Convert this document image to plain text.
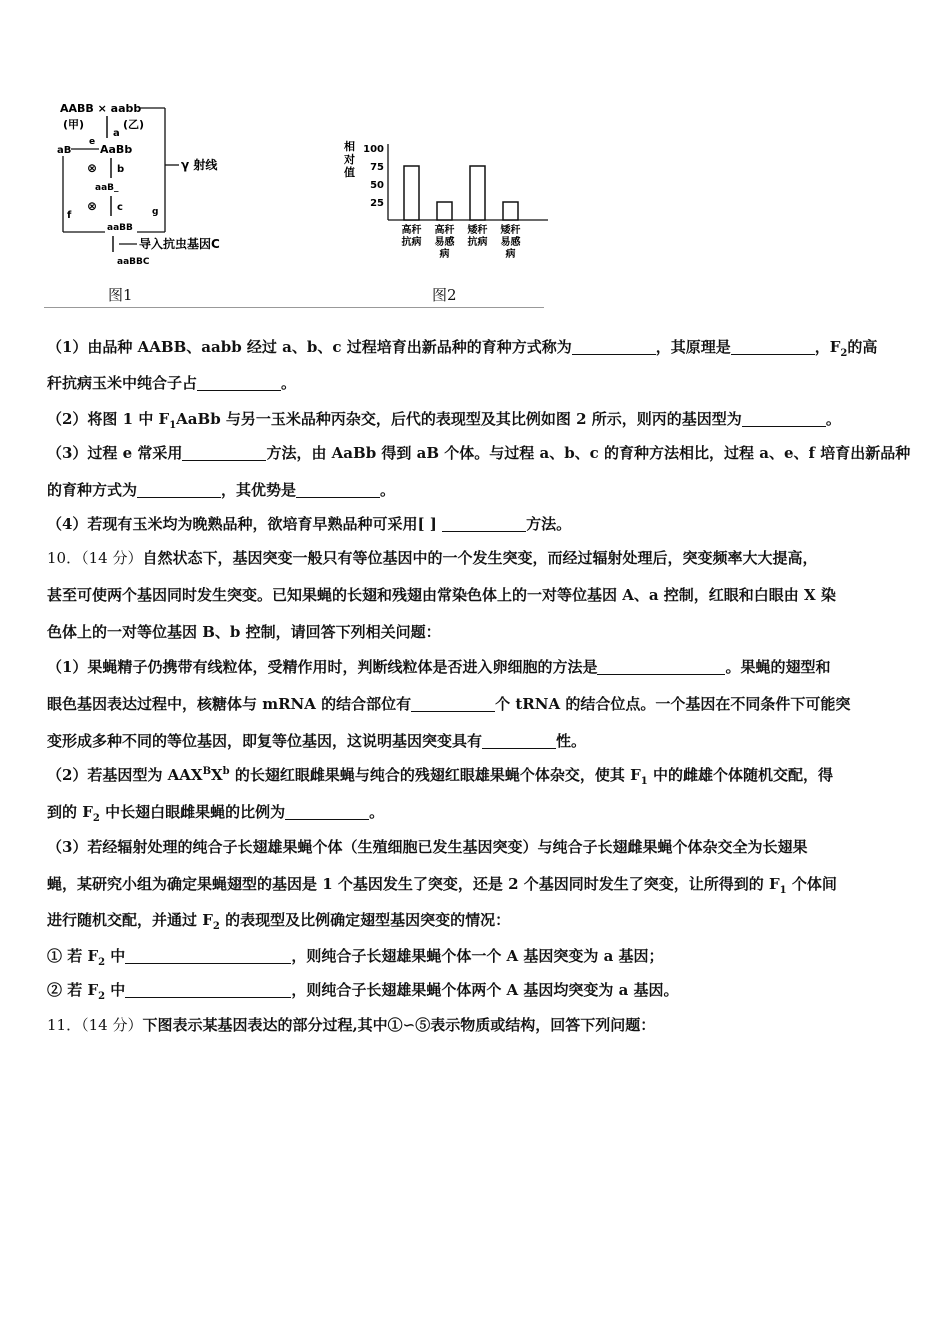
AABB × aabb
(甲)	(乙)
a
AaBb
aB
e
⊗ b
aaB_
⊗ c
f
aaBB
g
γ 射线
导入抗虫基因C
aaBBC
相
对
值
25
50
75
100
高秆
抗病
高秆
易感
病
矮秆
抗病
矮秆
易感
病
图1	图2
（1）由品种 AABB、aabb 经过 a、b、c 过程培育出新品种的育种方式称为	，其原理是	，$F_2$的高
秆抗病玉米中纯合子占	。
（2）将图 1 中 $F_1AaBb$ 与另一玉米品种丙杂交，后代的表现型及其比例如图 2 所示，则丙的基因型为	。
（3）过程 e 常采用	方法，由 AaBb 得到 aB 个体。与过程 a、b、c 的育种方法相比，过程 a、e、f 培育出新品种
的育种方式为	，其优势是	。
（4）若现有玉米均为晚熟品种，欲培育早熟品种可采用[ ]	方法。
10．（14 分）自然状态下，基因突变一般只有等位基因中的一个发生突变，而经过辐射处理后，突变频率大大提高，
甚至可使两个基因同时发生突变。已知果蝇的长翅和残翅由常染色体上的一对等位基因 A、a 控制，红眼和白眼由 X 染
色体上的一对等位基因 B、b 控制，请回答下列相关问题：
（1）果蝇精子仍携带有线粒体，受精作用时，判断线粒体是否进入卵细胞的方法是	。果蝇的翅型和
眼色基因表达过程中，核糖体与 mRNA 的结合部位有	个 tRNA 的结合位点。一个基因在不同条件下可能突
变形成多种不同的等位基因，即复等位基因，这说明基因突变具有	性。
（2）若基因型为 $AAX^BX^b$ 的长翅红眼雌果蝇与纯合的残翅红眼雄果蝇个体杂交，使其 $F_1$ 中的雌雄个体随机交配，得
到的 $F_2$ 中长翅白眼雌果蝇的比例为	。
（3）若经辐射处理的纯合子长翅雄果蝇个体（生殖细胞已发生基因突变）与纯合子长翅雌果蝇个体杂交全为长翅果
蝇，某研究小组为确定果蝇翅型的基因是 1 个基因发生了突变，还是 2 个基因同时发生了突变，让所得到的 $F_1$ 个体间
进行随机交配，并通过 $F_2$ 的表现型及比例确定翅型基因突变的情况：
① 若 $F_2$ 中	，则纯合子长翅雄果蝇个体一个 A 基因突变为 a 基因；
② 若 $F_2$ 中	，则纯合子长翅雄果蝇个体两个 A 基因均突变为 a 基因。
11．（14 分）下图表示某基因表达的部分过程,其中①∽⑤表示物质或结构，回答下列问题：
